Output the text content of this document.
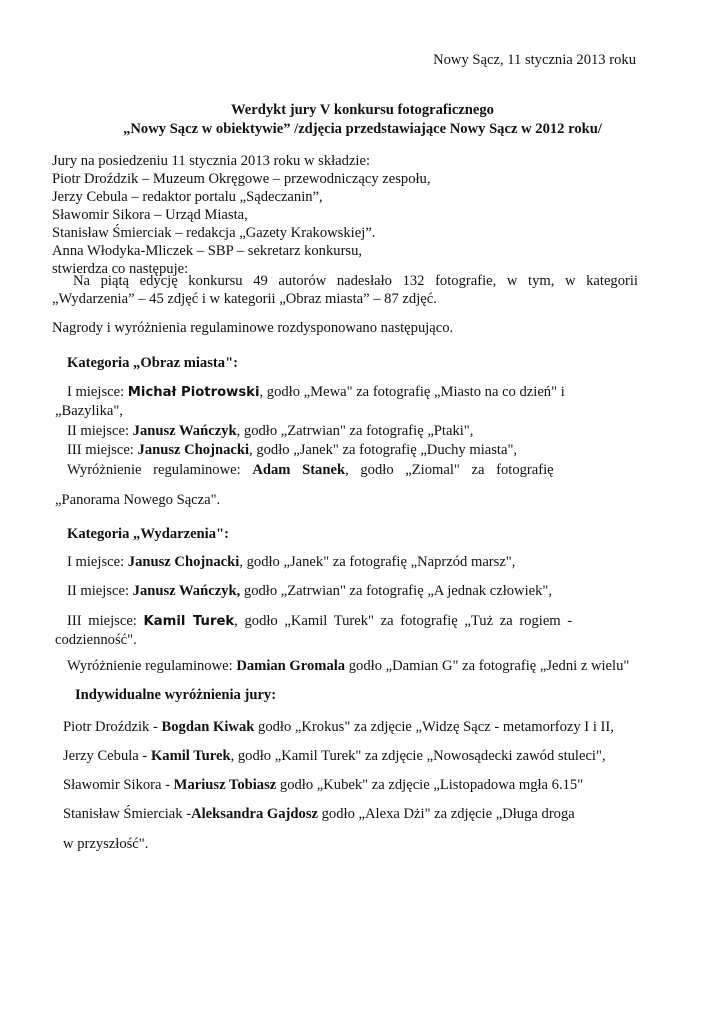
Nowy Sącz, 11 stycznia 2013 roku
Werdykt jury V konkursu fotograficznego
„Nowy Sącz w obiektywie” /zdjęcia przedstawiające Nowy Sącz w 2012 roku/
Jury na posiedzeniu 11 stycznia 2013 roku w składzie:
Piotr Droździk – Muzeum Okręgowe – przewodniczący zespołu,
Jerzy Cebula – redaktor portalu „Sądeczanin”,
Sławomir Sikora – Urząd Miasta,
Stanisław Śmierciak – redakcja „Gazety Krakowskiej”.
Anna Włodyka-Mliczek – SBP – sekretarz konkursu,
stwierdza co następuje:
Na piątą edycję konkursu 49 autorów nadesłało 132 fotografie, w tym, w kategorii
„Wydarzenia” – 45 zdjęć i w kategorii „Obraz miasta” – 87 zdjęć.
Nagrody i wyróżnienia regulaminowe rozdysponowano następująco.
Kategoria „Obraz miasta":
I miejsce: Michał Piotrowski, godło „Mewa" za fotografię „Miasto na co dzień" i
„Bazylika",
II miejsce: Janusz Wańczyk, godło „Zatrwian" za fotografię „Ptaki",
III miejsce: Janusz Chojnacki, godło „Janek" za fotografię „Duchy miasta",
Wyróżnienie regulaminowe: Adam Stanek, godło „Ziomal" za fotografię
„Panorama Nowego Sącza".
Kategoria „Wydarzenia":
I miejsce: Janusz Chojnacki, godło „Janek" za fotografię „Naprzód marsz",
II miejsce: Janusz Wańczyk, godło „Zatrwian" za fotografię „A jednak człowiek",
III miejsce: Kamil Turek, godło „Kamil Turek" za fotografię „Tuż za rogiem -
codzienność".
Wyróżnienie regulaminowe: Damian Gromala godło „Damian G" za fotografię „Jedni z wielu"
Indywidualne wyróżnienia jury:
Piotr Droździk - Bogdan Kiwak godło „Krokus" za zdjęcie „Widzę Sącz - metamorfozy I i II,
Jerzy Cebula - Kamil Turek, godło „Kamil Turek" za zdjęcie „Nowosądecki zawód stuleci",
Sławomir Sikora - Mariusz Tobiasz godło „Kubek" za zdjęcie „Listopadowa mgła 6.15"
Stanisław Śmierciak -Aleksandra Gajdosz godło „Alexa Dżi" za zdjęcie „Długa droga
w przyszłość".
